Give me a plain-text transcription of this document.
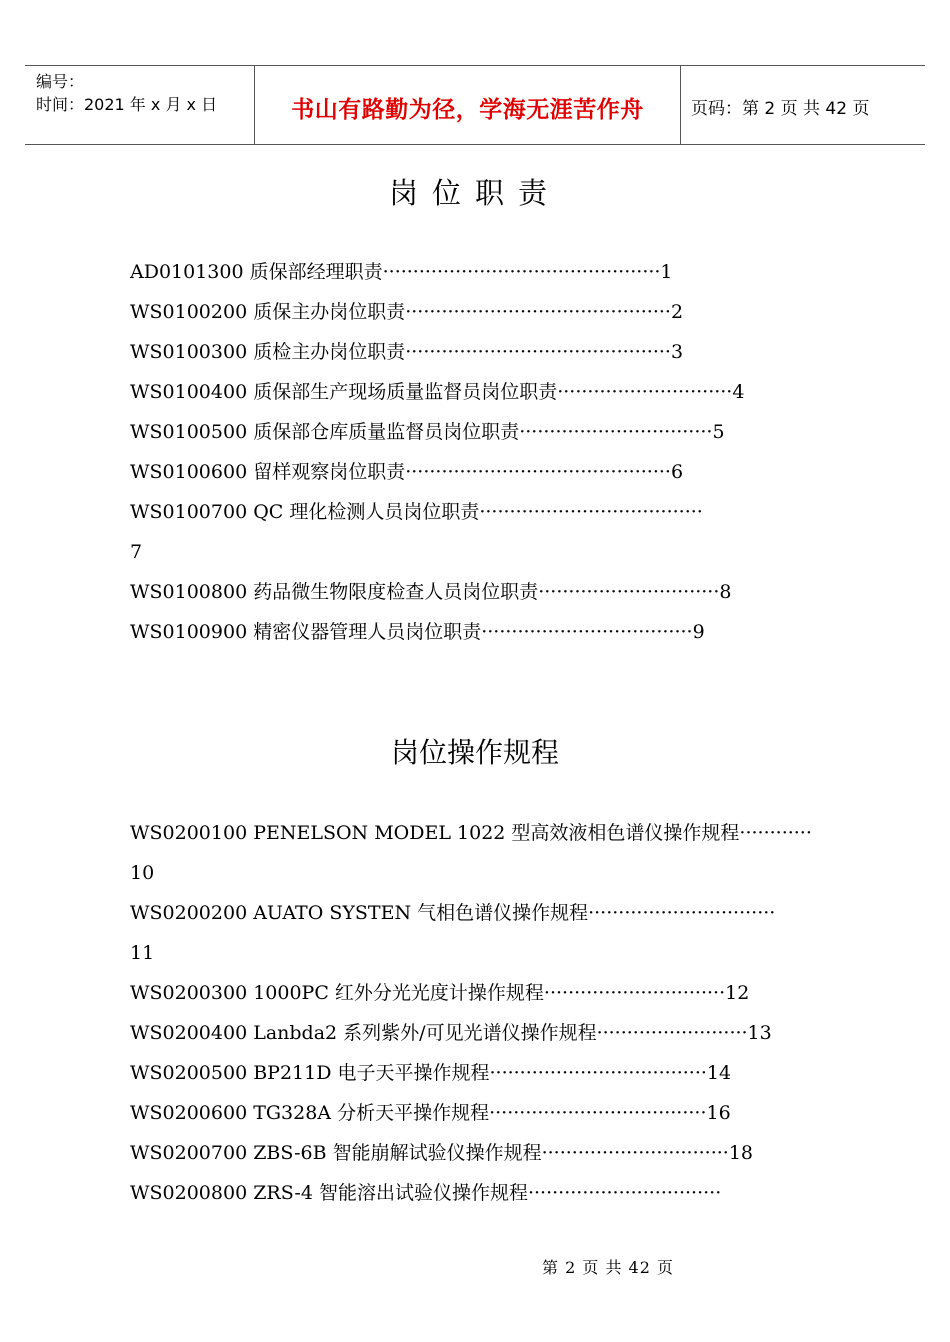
编号：
时间：2021 年 x 月 x 日	书山有路勤为径，学海无涯苦作舟	页码：第 2 页 共 42 页
岗位职责
AD0101300 质保部经理职责··············································1
WS0100200 质保主办岗位职责············································2
WS0100300 质检主办岗位职责············································3
WS0100400 质保部生产现场质量监督员岗位职责·····························4
WS0100500 质保部仓库质量监督员岗位职责································5
WS0100600 留样观察岗位职责············································6
WS0100700 QC 理化检测人员岗位职责·····································
7
WS0100800 药品微生物限度检查人员岗位职责······························8
WS0100900 精密仪器管理人员岗位职责···································9
岗位操作规程
WS0200100 PENELSON MODEL 1022 型高效液相色谱仪操作规程············
10
WS0200200 AUATO SYSTEN 气相色谱仪操作规程·······························
11
WS0200300 1000PC 红外分光光度计操作规程······························12
WS0200400 Lanbda2 系列紫外/可见光谱仪操作规程·························13
WS0200500 BP211D 电子天平操作规程····································14
WS0200600 TG328A 分析天平操作规程····································16
WS0200700 ZBS-6B 智能崩解试验仪操作规程·······························18
WS0200800 ZRS-4 智能溶出试验仪操作规程································
第 2 页 共 42 页
